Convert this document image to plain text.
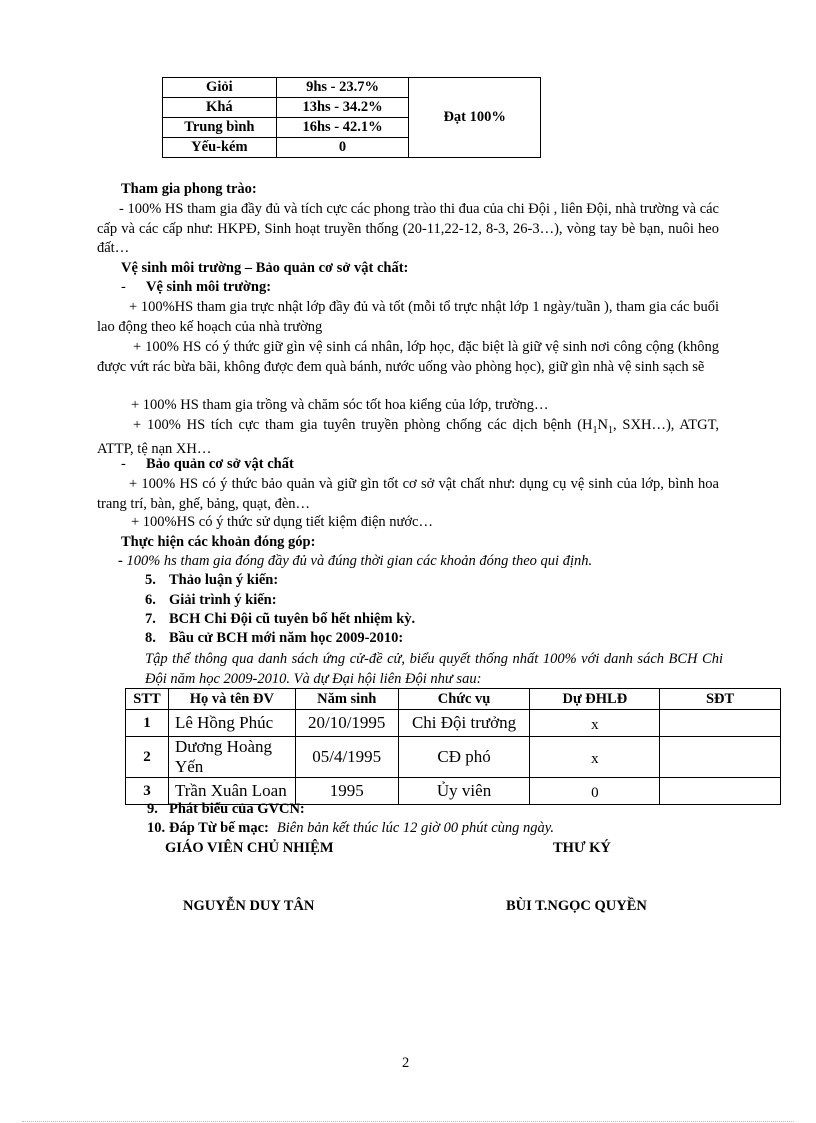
Giỏi	9hs - 23.7%	Đạt 100%
Khá	13hs - 34.2%	
Trung bình	16hs - 42.1%	
Yếu-kém	0	
Tham gia phong trào:
- 100% HS tham gia đầy đủ và tích cực các phong trào thi đua của chi Đội , liên Đội, nhà trường và các cấp và các cấp như: HKPĐ, Sinh hoạt truyền thống (20-11,22-12, 8-3, 26-3…), vòng tay bè bạn, nuôi heo đất…
Vệ sinh môi trường – Bảo quản cơ sở vật chất:
- Vệ sinh môi trường:
+ 100%HS tham gia trực nhật lớp đầy đủ và tốt (mỗi tổ trực nhật lớp 1 ngày/tuần ), tham gia các buổi lao động theo kế hoạch của nhà trường
+ 100% HS có ý thức giữ gìn vệ sinh cá nhân, lớp học, đặc biệt là giữ vệ sinh nơi công cộng (không được vứt rác bừa bãi, không được đem quà bánh, nước uống vào phòng học), giữ gìn nhà vệ sinh sạch sẽ
+ 100% HS tham gia trồng và chăm sóc tốt hoa kiểng của lớp, trường…
+ 100% HS tích cực tham gia tuyên truyền phòng chống các dịch bệnh ($H_1N_1$, SXH…), ATGT, ATTP, tệ nạn XH…
- Bảo quản cơ sở vật chất
+ 100% HS có ý thức bảo quản và giữ gìn tốt cơ sở vật chất như: dụng cụ vệ sinh của lớp, bình hoa trang trí, bàn, ghế, bảng, quạt, đèn…
+ 100%HS có ý thức sử dụng tiết kiệm điện nước…
Thực hiện các khoản đóng góp:
- 100% hs tham gia đóng đầy đủ và đúng thời gian các khoản đóng theo qui định.
5. Thảo luận ý kiến:
6. Giải trình ý kiến:
7. BCH Chi Đội cũ tuyên bố hết nhiệm kỳ.
8. Bầu cử BCH mới năm học 2009-2010:
Tập thể thông qua danh sách ứng cử-đề cử, biểu quyết thống nhất 100% với danh sách BCH Chi Đội năm học 2009-2010. Và dự Đại hội liên Đội như sau:
STT	Họ và tên ĐV	Năm sinh	Chức vụ	Dự ĐHLĐ	SĐT
1	Lê Hồng Phúc	20/10/1995	Chi Đội trưởng	x	
2	Dương Hoàng Yến	05/4/1995	CĐ phó	x	
3	Trần Xuân Loan	1995	Ủy viên	0	
9. Phát biểu của GVCN:
10. Đáp Từ bế mạc: Biên bản kết thúc lúc 12 giờ 00 phút cùng ngày.
GIÁO VIÊN CHỦ NHIỆM	THƯ KÝ
NGUYỄN DUY TÂN	BÙI T.NGỌC QUYỀN
2
